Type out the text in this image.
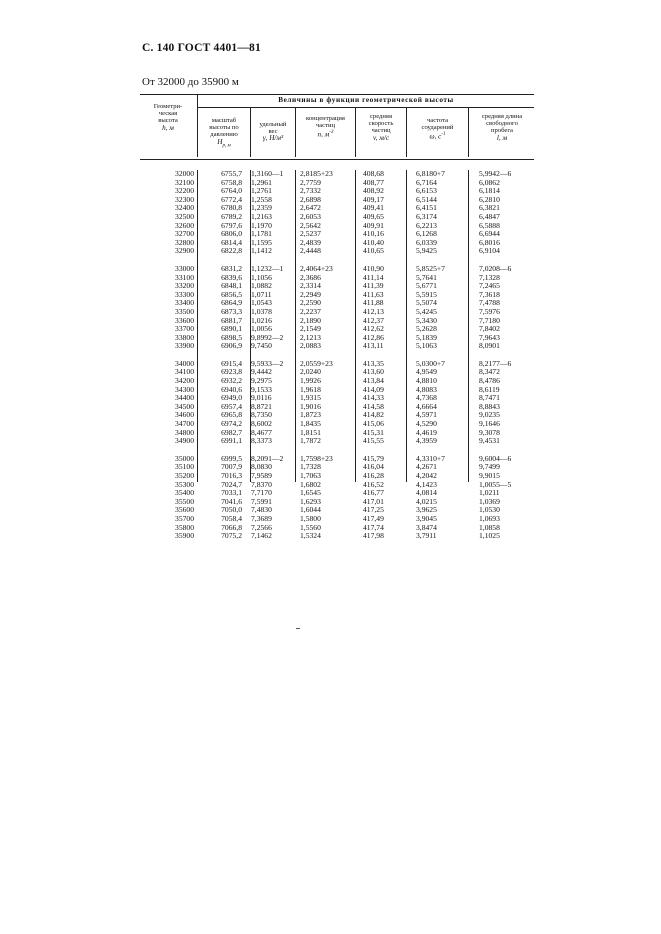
С. 140 ГОСТ 4401—81
От 32000 до 35900 м
Величины в функции геометрической высоты
Геометри-
ческая
высота
h, м
масштаб
высоты по
давлению
$H_{р, м}$
удельный
вес
γ, Н/м³
концентрация
частиц
n, $м^{-3}$
средняя
скорость
частиц
v, м/с
частота
соударений
ω, $с^{-1}$
средняя длина
свободного
пробега
l, м
32000	6755,7	1,3160—1	2,8185+23	408,68	6,8180+7	5,9942—6
32100	6758,8	1,2961	2,7759	408,77	6,7164	6,0862
32200	6764,0	1,2761	2,7332	408,92	6,6153	6,1814
32300	6772,4	1,2558	2,6898	409,17	6,5144	6,2810
32400	6780,8	1,2359	2,6472	409,41	6,4151	6,3821
32500	6789,2	1,2163	2,6053	409,65	6,3174	6,4847
32600	6797,6	1,1970	2,5642	409,91	6,2213	6,5888
32700	6806,0	1,1781	2,5237	410,16	6,1268	6,6944
32800	6814,4	1,1595	2,4839	410,40	6,0339	6,8016
32900	6822,8	1,1412	2,4448	410,65	5,9425	6,9104
33000	6831,2	1,1232—1	2,4064+23	410,90	5,8525+7	7,0208—6
33100	6839,6	1,1056	2,3686	411,14	5,7641	7,1328
33200	6848,1	1,0882	2,3314	411,39	5,6771	7,2465
33300	6856,5	1,0711	2,2949	411,63	5,5915	7,3618
33400	6864,9	1,0543	2,2590	411,88	5,5074	7,4788
33500	6873,3	1,0378	2,2237	412,13	5,4245	7,5976
33600	6881,7	1,0216	2,1890	412,37	5,3430	7,7180
33700	6890,1	1,0056	2,1549	412,62	5,2628	7,8402
33800	6898,5	9,8992—2	2,1213	412,86	5,1839	7,9643
33900	6906,9	9,7450	2,0883	413,11	5,1063	8,0901
34000	6915,4	9,5933—2	2,0559+23	413,35	5,0300+7	8,2177—6
34100	6923,8	9,4442	2,0240	413,60	4,9549	8,3472
34200	6932,2	9,2975	1,9926	413,84	4,8810	8,4786
34300	6940,6	9,1533	1,9618	414,09	4,8083	8,6119
34400	6949,0	9,0116	1,9315	414,33	4,7368	8,7471
34500	6957,4	8,8721	1,9016	414,58	4,6664	8,8843
34600	6965,8	8,7350	1,8723	414,82	4,5971	9,0235
34700	6974,2	8,6002	1,8435	415,06	4,5290	9,1646
34800	6982,7	8,4677	1,8151	415,31	4,4619	9,3078
34900	6991,1	8,3373	1,7872	415,55	4,3959	9,4531
35000	6999,5	8,2091—2	1,7598+23	415,79	4,3310+7	9,6004—6
35100	7007,9	8,0830	1,7328	416,04	4,2671	9,7499
35200	7016,3	7,9589	1,7063	416,28	4,2042	9,9015
35300	7024,7	7,8370	1,6802	416,52	4,1423	1,0055—5
35400	7033,1	7,7170	1,6545	416,77	4,0814	1,0211
35500	7041,6	7,5991	1,6293	417,01	4,0215	1,0369
35600	7050,0	7,4830	1,6044	417,25	3,9625	1,0530
35700	7058,4	7,3689	1,5800	417,49	3,9045	1,0693
35800	7066,8	7,2566	1,5560	417,74	3,8474	1,0858
35900	7075,2	7,1462	1,5324	417,98	3,7911	1,1025
